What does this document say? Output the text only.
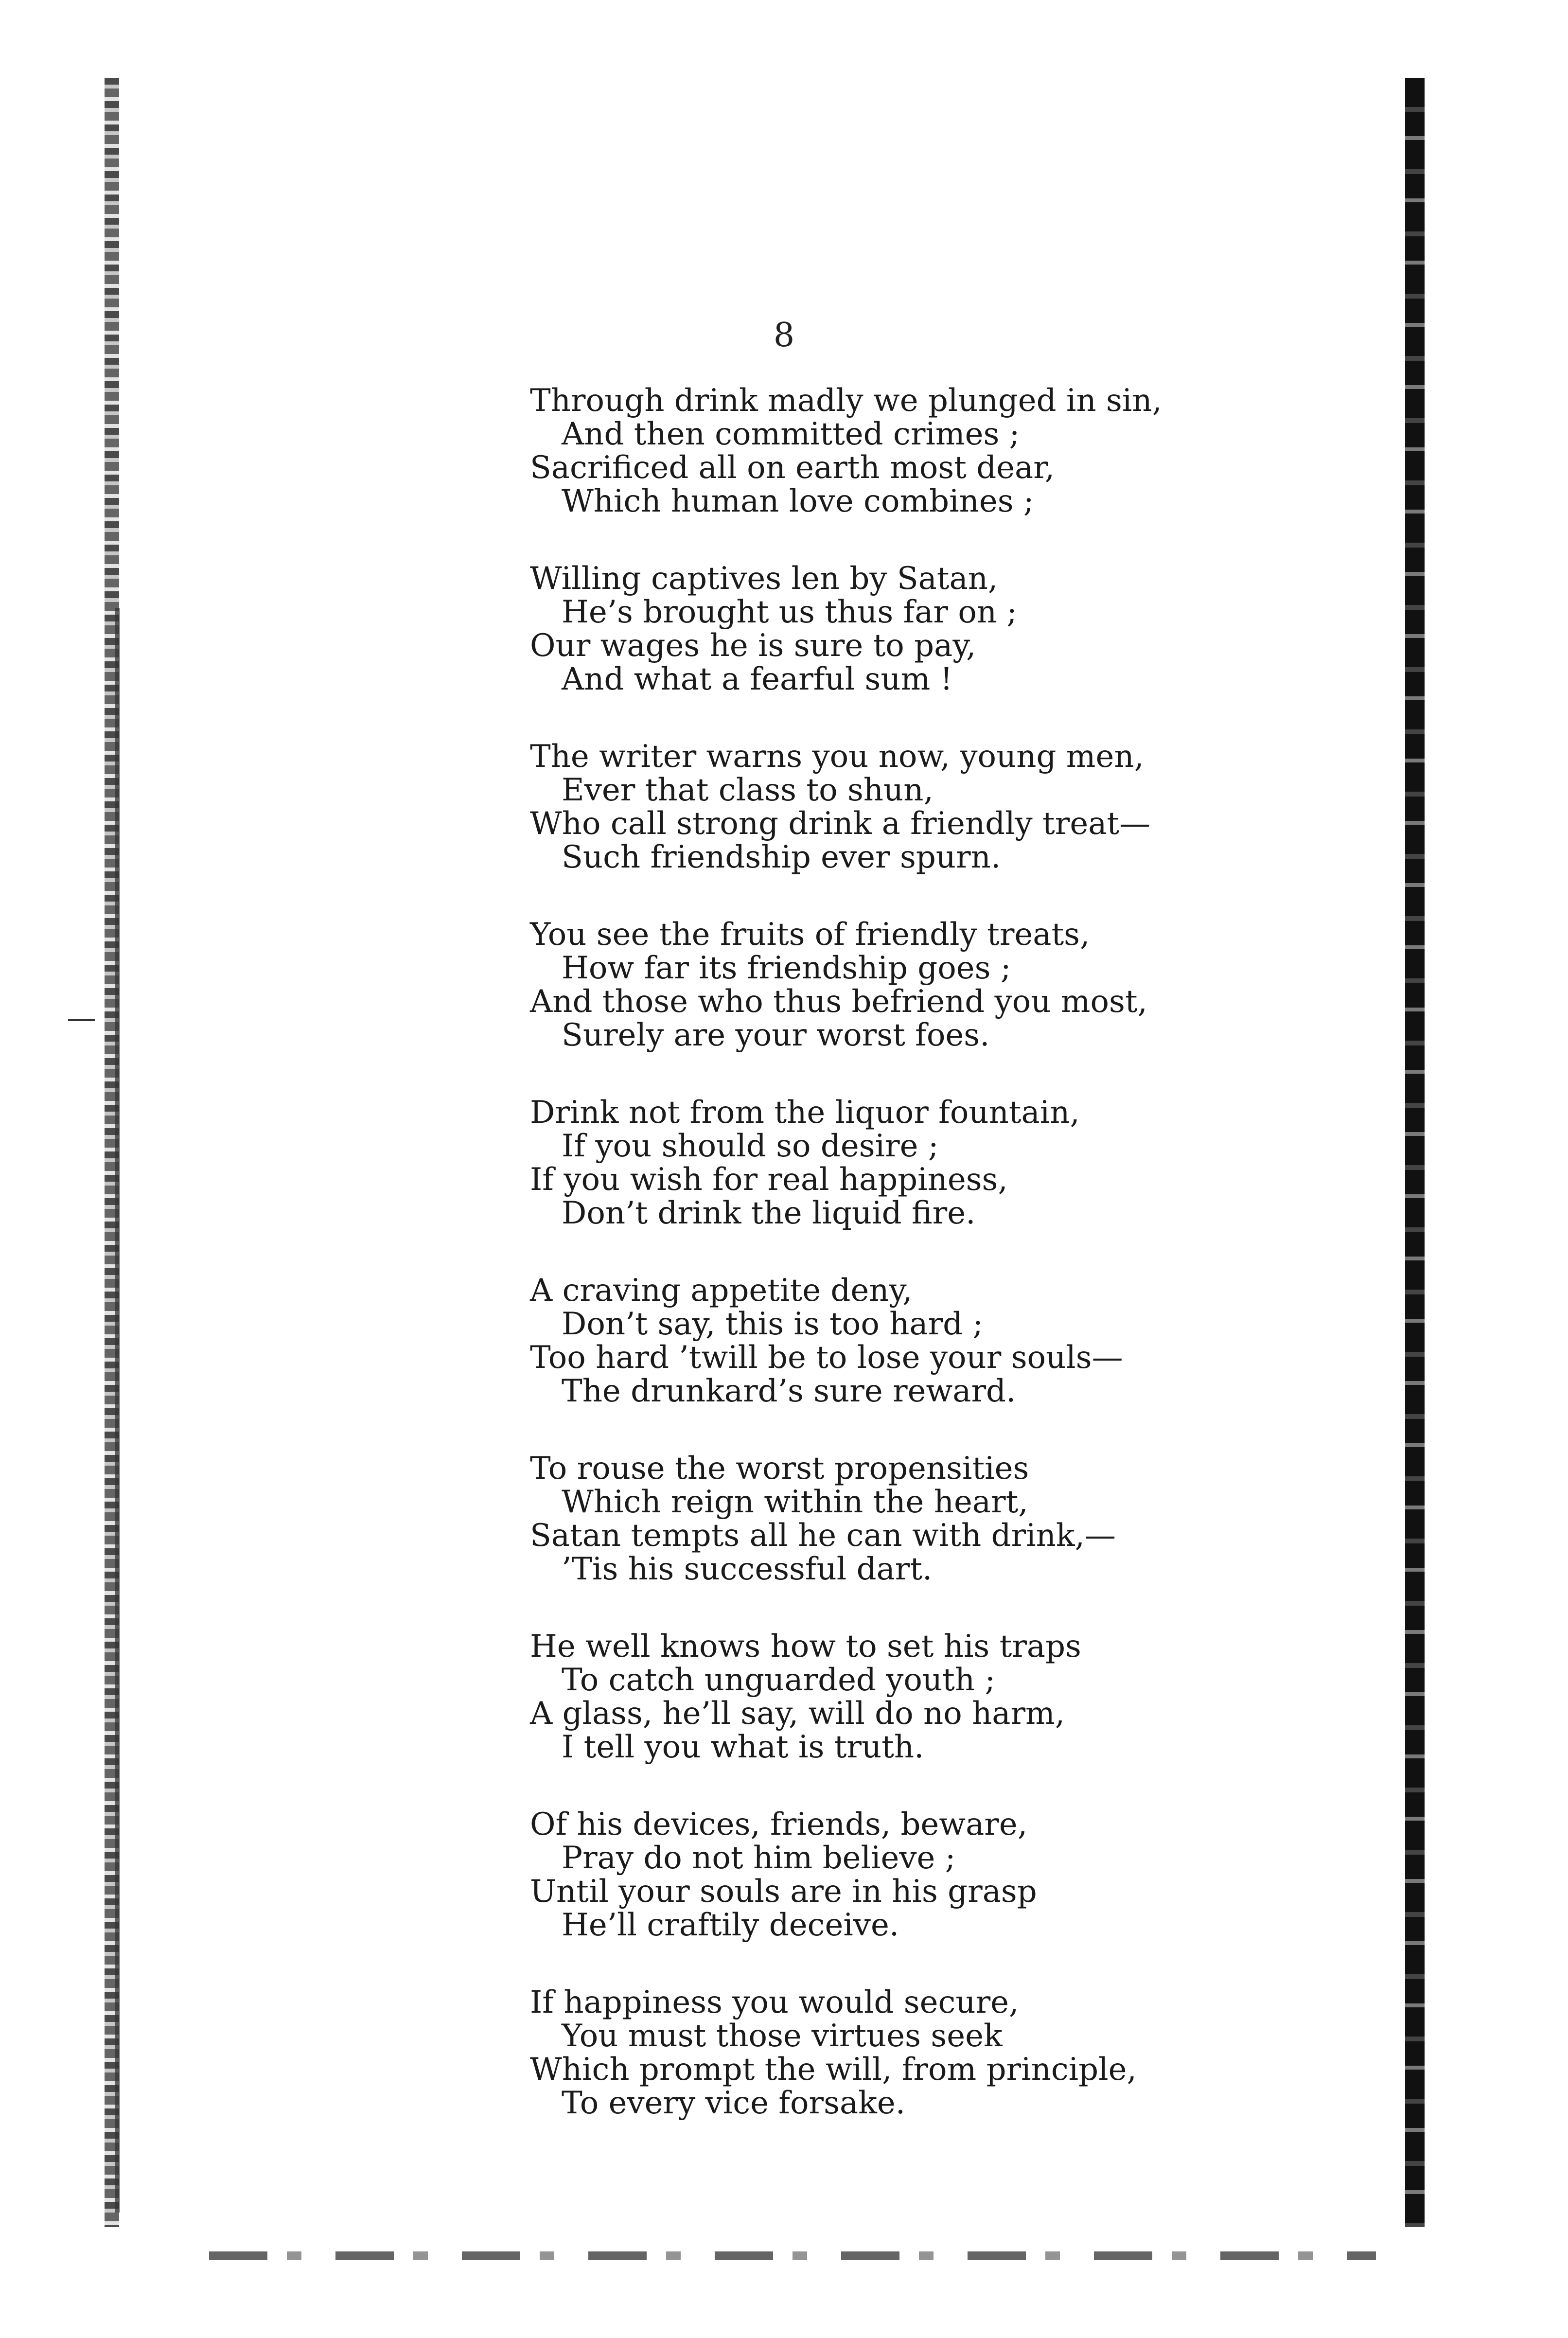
8
Through drink madly we plunged in sin,
And then committed crimes ;
Sacrificed all on earth most dear,
Which human love combines ;
Willing captives len by Satan,
He’s brought us thus far on ;
Our wages he is sure to pay,
And what a fearful sum !
The writer warns you now, young men,
Ever that class to shun,
Who call strong drink a friendly treat—
Such friendship ever spurn.
You see the fruits of friendly treats,
How far its friendship goes ;
And those who thus befriend you most,
Surely are your worst foes.
Drink not from the liquor fountain,
If you should so desire ;
If you wish for real happiness,
Don’t drink the liquid fire.
A craving appetite deny,
Don’t say, this is too hard ;
Too hard ’twill be to lose your souls—
The drunkard’s sure reward.
To rouse the worst propensities
Which reign within the heart,
Satan tempts all he can with drink,—
’Tis his successful dart.
He well knows how to set his traps
To catch unguarded youth ;
A glass, he’ll say, will do no harm,
I tell you what is truth.
Of his devices, friends, beware,
Pray do not him believe ;
Until your souls are in his grasp
He’ll craftily deceive.
If happiness you would secure,
You must those virtues seek
Which prompt the will, from principle,
To every vice forsake.
